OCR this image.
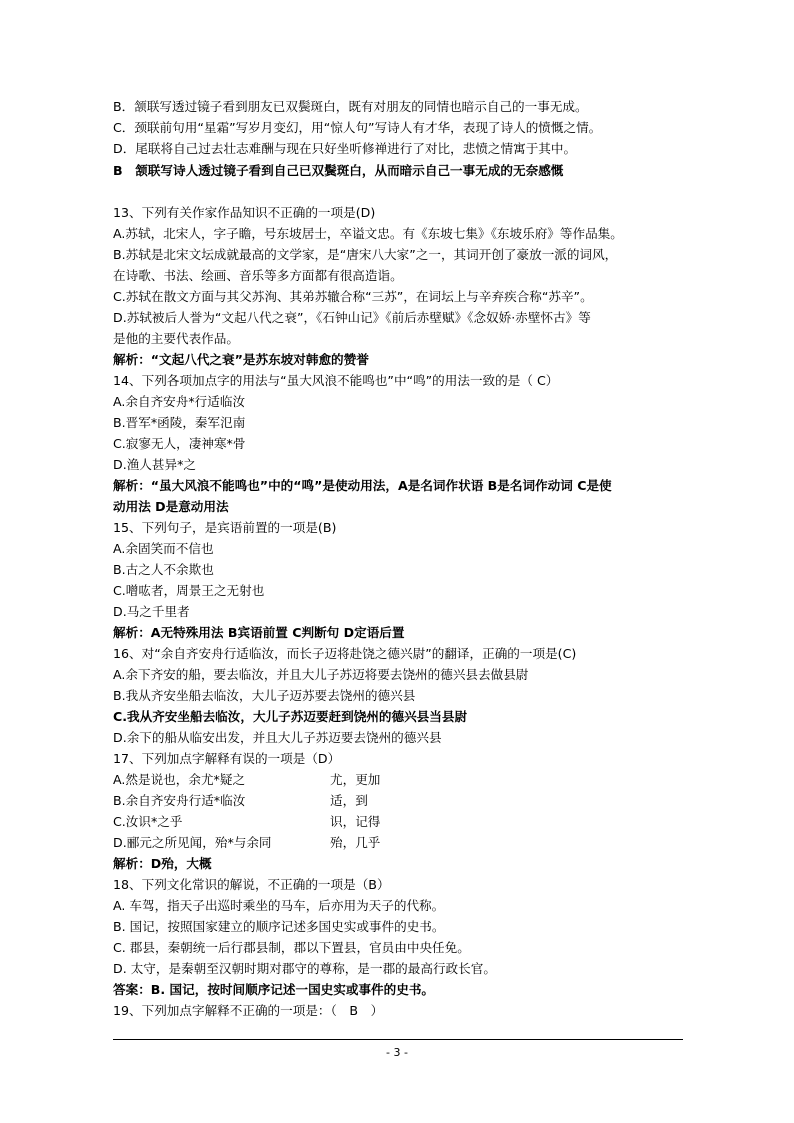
B．颔联写透过镜子看到朋友已双鬓斑白，既有对朋友的同情也暗示自己的一事无成。
C．颈联前句用“星霜”写岁月变幻，用“惊人句”写诗人有才华，表现了诗人的愤慨之情。
D．尾联将自己过去壮志难酬与现在只好坐听修禅进行了对比，悲愤之情寓于其中。
B　颔联写诗人透过镜子看到自己已双鬓斑白，从而暗示自己一事无成的无奈感慨
13、下列有关作家作品知识不正确的一项是(D)
A.苏轼，北宋人，字子瞻，号东坡居士，卒谥文忠。有《东坡七集》《东坡乐府》等作品集。
B.苏轼是北宋文坛成就最高的文学家，是“唐宋八大家”之一，其词开创了豪放一派的词风，
在诗歌、书法、绘画、音乐等多方面都有很高造诣。
C.苏轼在散文方面与其父苏洵、其弟苏辙合称“三苏”，在词坛上与辛弃疾合称“苏辛”。
D.苏轼被后人誉为“文起八代之衰”，《石钟山记》《前后赤壁赋》《念奴娇·赤壁怀古》等
是他的主要代表作品。
解析：“文起八代之衰”是苏东坡对韩愈的赞誉
14、下列各项加点字的用法与“虽大风浪不能鸣也”中“鸣”的用法一致的是（ C）
A.余自齐安舟*行适临汝
B.晋军*函陵，秦军氾南
C.寂寥无人，凄神寒*骨
D.渔人甚异*之
解析：“虽大风浪不能鸣也”中的“鸣”是使动用法，A是名词作状语 B是名词作动词 C是使
动用法 D是意动用法
15、下列句子，是宾语前置的一项是(B)
A.余固笑而不信也
B.古之人不余欺也
C.噌吰者，周景王之无射也
D.马之千里者
解析：A无特殊用法 B宾语前置 C判断句 D定语后置
16、对“余自齐安舟行适临汝，而长子迈将赴饶之德兴尉”的翻译，正确的一项是(C)
A.余下齐安的船，要去临汝，并且大儿子苏迈将要去饶州的德兴县去做县尉
B.我从齐安坐船去临汝，大儿子迈苏要去饶州的德兴县
C.我从齐安坐船去临汝，大儿子苏迈要赶到饶州的德兴县当县尉
D.余下的船从临安出发，并且大儿子苏迈要去饶州的德兴县
17、下列加点字解释有误的一项是（D）
A.然是说也，余尤*疑之	尤，更加
B.余自齐安舟行适*临汝	适，到
C.汝识*之乎	识，记得
D.郦元之所见闻，殆*与余同	殆，几乎
解析：D殆，大概
18、下列文化常识的解说，不正确的一项是（B）
A. 车驾，指天子出巡时乘坐的马车，后亦用为天子的代称。
B. 国记，按照国家建立的顺序记述多国史实或事件的史书。
C. 郡县，秦朝统一后行郡县制，郡以下置县，官员由中央任免。
D. 太守，是秦朝至汉朝时期对郡守的尊称，是一郡的最高行政长官。
答案：B. 国记，按时间顺序记述一国史实或事件的史书。
19、下列加点字解释不正确的一项是：（　B　）
- 3 -
